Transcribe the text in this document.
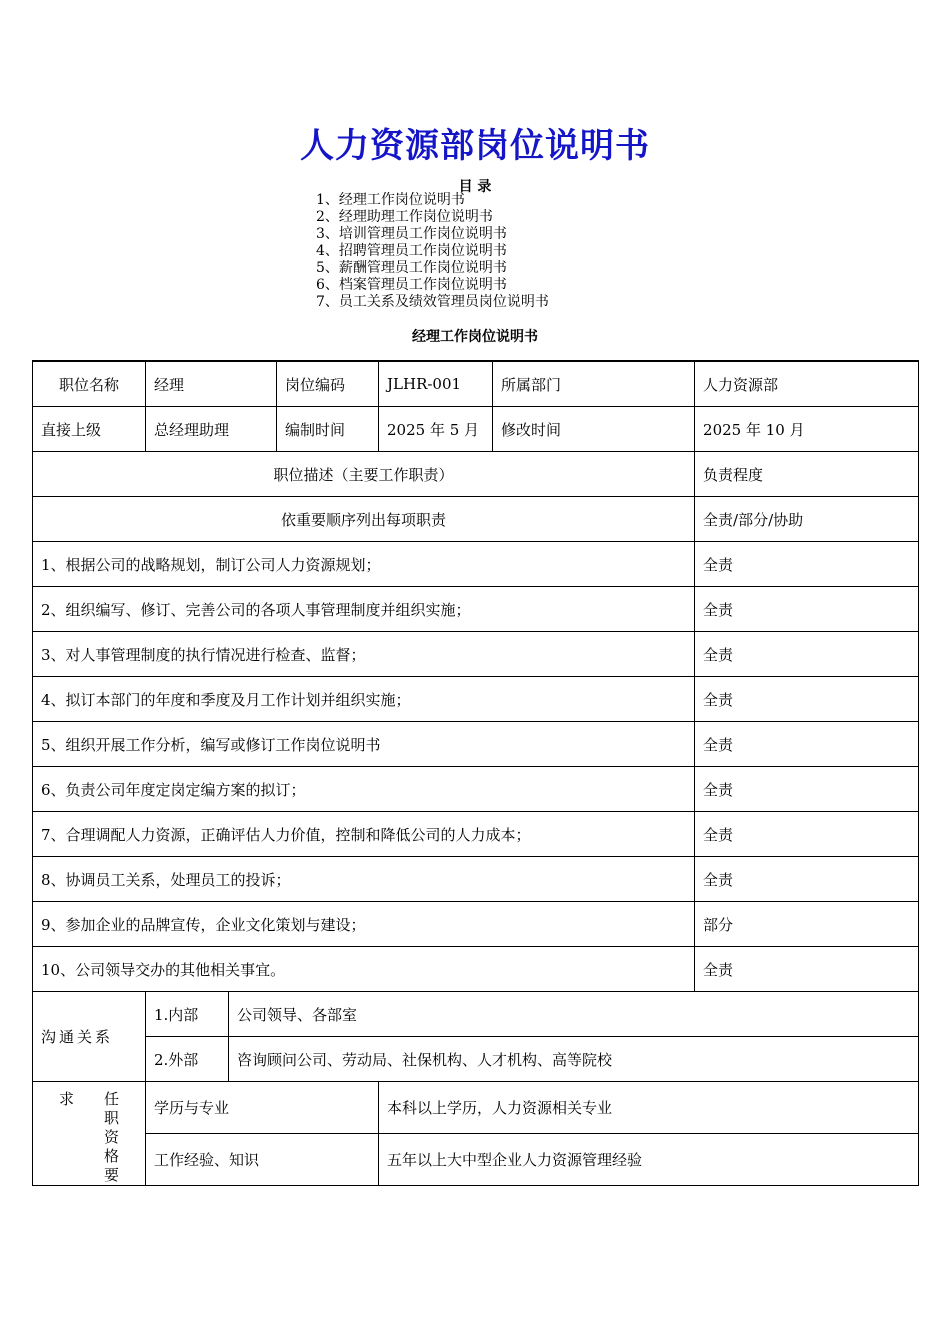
人力资源部岗位说明书
目 录
1、经理工作岗位说明书
2、经理助理工作岗位说明书
3、培训管理员工作岗位说明书
4、招聘管理员工作岗位说明书
5、薪酬管理员工作岗位说明书
6、档案管理员工作岗位说明书
7、员工关系及绩效管理员岗位说明书
经理工作岗位说明书
职位名称	经理		岗位编码	JLHR-001	所属部门	人力资源部
直接上级	总经理助理		编制时间	2025 年 5 月	修改时间	2025 年 10 月
职位描述（主要工作职责）						负责程度
依重要顺序列出每项职责						全责/部分/协助
1、根据公司的战略规划，制订公司人力资源规划；						全责
2、组织编写、修订、完善公司的各项人事管理制度并组织实施；						全责
3、对人事管理制度的执行情况进行检查、监督；						全责
4、拟订本部门的年度和季度及月工作计划并组织实施；						全责
5、组织开展工作分析，编写或修订工作岗位说明书						全责
6、负责公司年度定岗定编方案的拟订；						全责
7、合理调配人力资源，正确评估人力价值，控制和降低公司的人力成本；						全责
8、协调员工关系，处理员工的投诉；						全责
9、参加企业的品牌宣传，企业文化策划与建设；						部分
10、公司领导交办的其他相关事宜。						全责
沟通关系	1.内部	公司领导、各部室				
	2.外部	咨询顾问公司、劳动局、社保机构、人才机构、高等院校				

求 任
职
资
格
要	学历与专业			本科以上学历，人力资源相关专业		
	工作经验、知识			五年以上大中型企业人力资源管理经验		
